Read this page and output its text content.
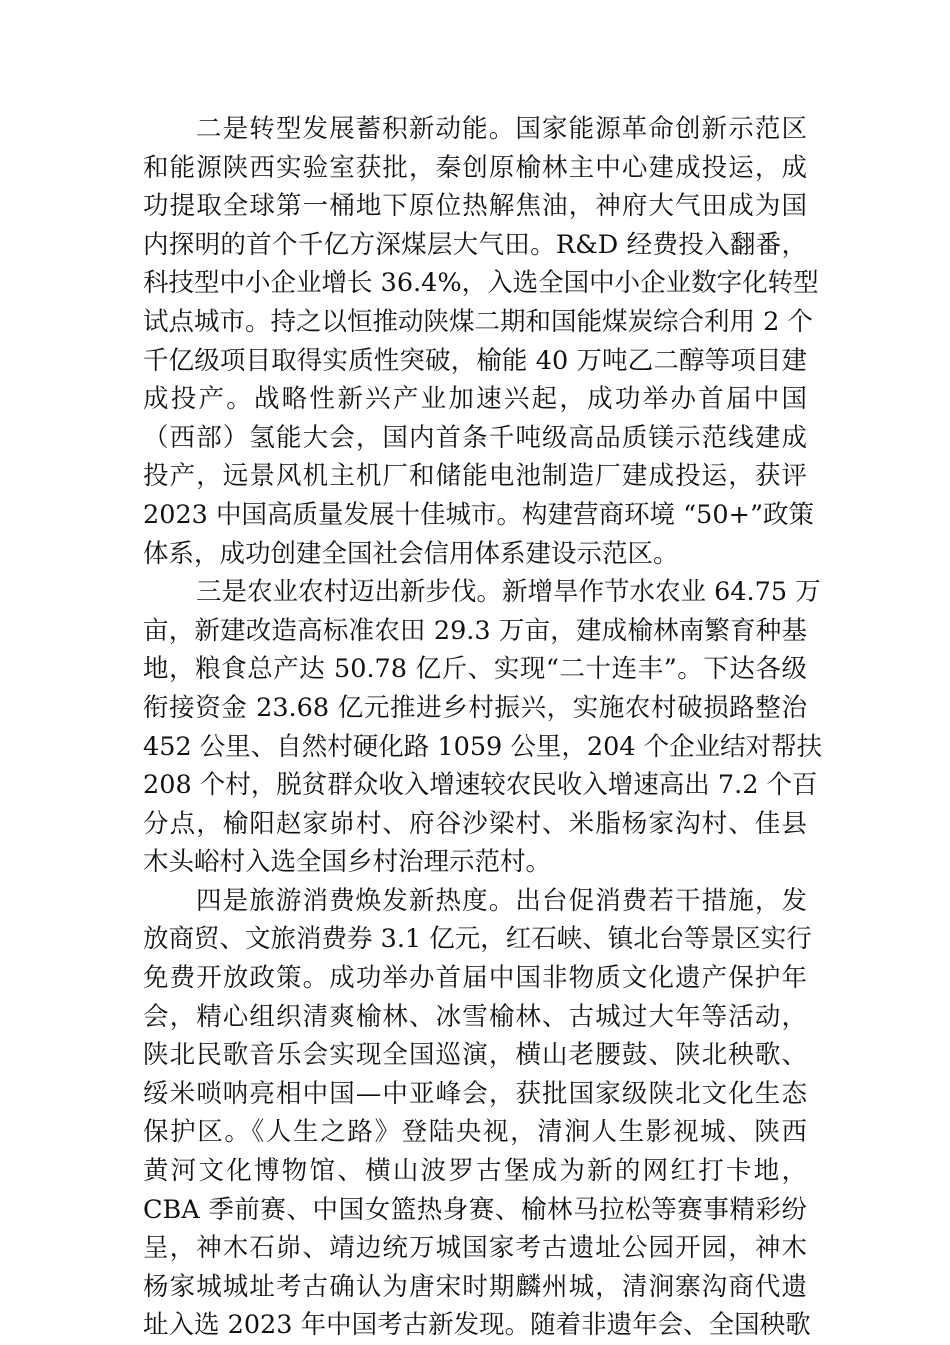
二是转型发展蓄积新动能。国家能源革命创新示范区
和能源陕西实验室获批，秦创原榆林主中心建成投运，成
功提取全球第一桶地下原位热解焦油，神府大气田成为国
内探明的首个千亿方深煤层大气田。R&D 经费投入翻番，
科技型中小企业增长 36.4%，入选全国中小企业数字化转型
试点城市。持之以恒推动陕煤二期和国能煤炭综合利用 2 个
千亿级项目取得实质性突破，榆能 40 万吨乙二醇等项目建
成投产。战略性新兴产业加速兴起，成功举办首届中国
（西部）氢能大会，国内首条千吨级高品质镁示范线建成
投产，远景风机主机厂和储能电池制造厂建成投运，获评
2023 中国高质量发展十佳城市。构建营商环境 “50+”政策
体系，成功创建全国社会信用体系建设示范区。
三是农业农村迈出新步伐。新增旱作节水农业 64.75 万
亩，新建改造高标准农田 29.3 万亩，建成榆林南繁育种基
地，粮食总产达 50.78 亿斤、实现“二十连丰”。下达各级
衔接资金 23.68 亿元推进乡村振兴，实施农村破损路整治
452 公里、自然村硬化路 1059 公里，204 个企业结对帮扶
208 个村，脱贫群众收入增速较农民收入增速高出 7.2 个百
分点，榆阳赵家峁村、府谷沙梁村、米脂杨家沟村、佳县
木头峪村入选全国乡村治理示范村。
四是旅游消费焕发新热度。出台促消费若干措施，发
放商贸、文旅消费券 3.1 亿元，红石峡、镇北台等景区实行
免费开放政策。成功举办首届中国非物质文化遗产保护年
会，精心组织清爽榆林、冰雪榆林、古城过大年等活动，
陕北民歌音乐会实现全国巡演，横山老腰鼓、陕北秧歌、
绥米唢呐亮相中国—中亚峰会，获批国家级陕北文化生态
保护区。《人生之路》登陆央视，清涧人生影视城、陕西
黄河文化博物馆、横山波罗古堡成为新的网红打卡地，
CBA 季前赛、中国女篮热身赛、榆林马拉松等赛事精彩纷
呈，神木石峁、靖边统万城国家考古遗址公园开园，神木
杨家城城址考古确认为唐宋时期麟州城，清涧寨沟商代遗
址入选 2023 年中国考古新发现。随着非遗年会、全国秧歌
